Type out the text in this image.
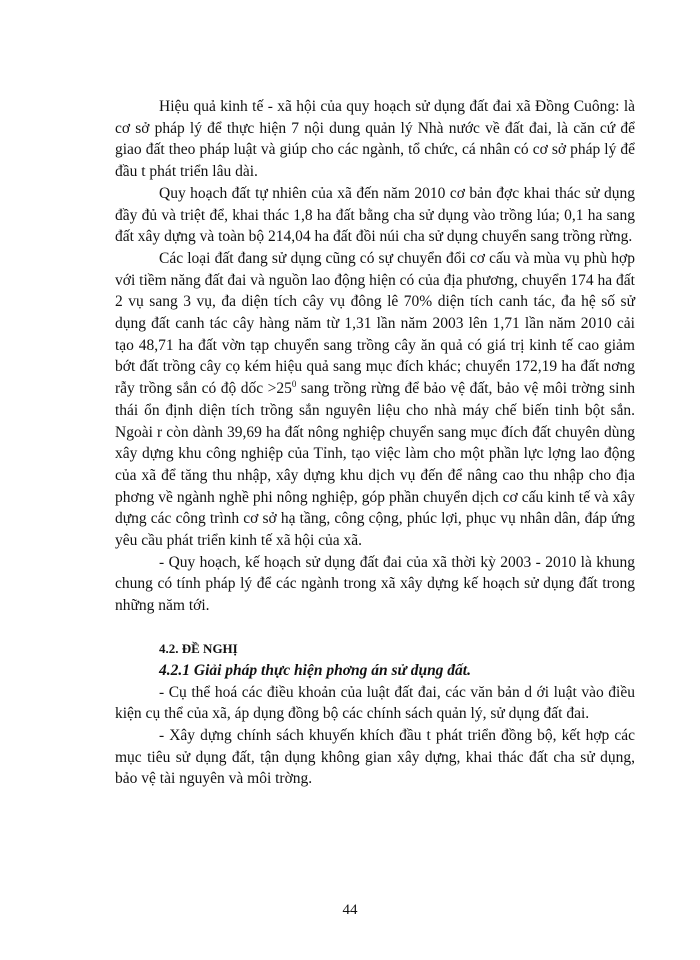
Hiệu quả kinh tế - xã hội của quy hoạch sử dụng đất đai xã Đồng Cuông: là cơ sở pháp lý để thực hiện 7 nội dung quản lý Nhà nước về đất đai, là căn cứ để giao đất theo pháp luật và giúp cho các ngành, tổ chức, cá nhân có cơ sở pháp lý để đầu t phát triển lâu dài.

Quy hoạch đất tự nhiên của xã đến năm 2010 cơ bản đợc khai thác sử dụng đầy đủ và triệt để, khai thác 1,8 ha đất bằng cha sử dụng vào trồng lúa; 0,1 ha sang đất xây dựng và toàn bộ 214,04 ha đất đồi núi cha sử dụng chuyển sang trồng rừng.

Các loại đất đang sử dụng cũng có sự chuyển đổi cơ cấu và mùa vụ phù hợp với tiềm năng đất đai và nguồn lao động hiện có của địa phương, chuyển 174 ha đất 2 vụ sang 3 vụ, đa diện tích cây vụ đông lê 70% diện tích canh tác, đa hệ số sử dụng đất canh tác cây hàng năm từ 1,31 lần năm 2003 lên 1,71 lần năm 2010 cải tạo 48,71 ha đất vờn tạp chuyển sang trồng cây ăn quả có giá trị kinh tế cao giảm bớt đất trồng cây cọ kém hiệu quả sang mục đích khác; chuyển 172,19 ha đất nơng rẫy trồng sắn có độ dốc $>25^0$ sang trồng rừng để bảo vệ đất, bảo vệ môi trờng sinh thái ổn định diện tích trồng sắn nguyên liệu cho nhà máy chế biến tinh bột sắn. Ngoài r còn dành 39,69 ha đất nông nghiệp chuyển sang mục đích đất chuyên dùng xây dựng khu công nghiệp của Tỉnh, tạo việc làm cho một phần lực lợng lao động của xã để tăng thu nhập, xây dựng khu dịch vụ đến để nâng cao thu nhập cho địa phơng về ngành nghề phi nông nghiệp, góp phần chuyển dịch cơ cấu kinh tế và xây dựng các công trình cơ sở hạ tầng, công cộng, phúc lợi, phục vụ nhân dân, đáp ứng yêu cầu phát triển kinh tế xã hội của xã.

- Quy hoạch, kế hoạch sử dụng đất đai của xã thời kỳ 2003 - 2010 là khung chung có tính pháp lý để các ngành trong xã xây dựng kế hoạch sử dụng đất trong những năm tới.

4.2. ĐỀ NGHỊ

4.2.1 Giải pháp thực hiện phơng án sử dụng đất.

- Cụ thể hoá các điều khoản của luật đất đai, các văn bản d ới luật vào điều kiện cụ thể của xã, áp dụng đồng bộ các chính sách quản lý, sử dụng đất đai.

- Xây dựng chính sách khuyến khích đầu t phát triển đồng bộ, kết hợp các mục tiêu sử dụng đất, tận dụng không gian xây dựng, khai thác đất cha sử dụng, bảo vệ tài nguyên và môi trờng.

44
